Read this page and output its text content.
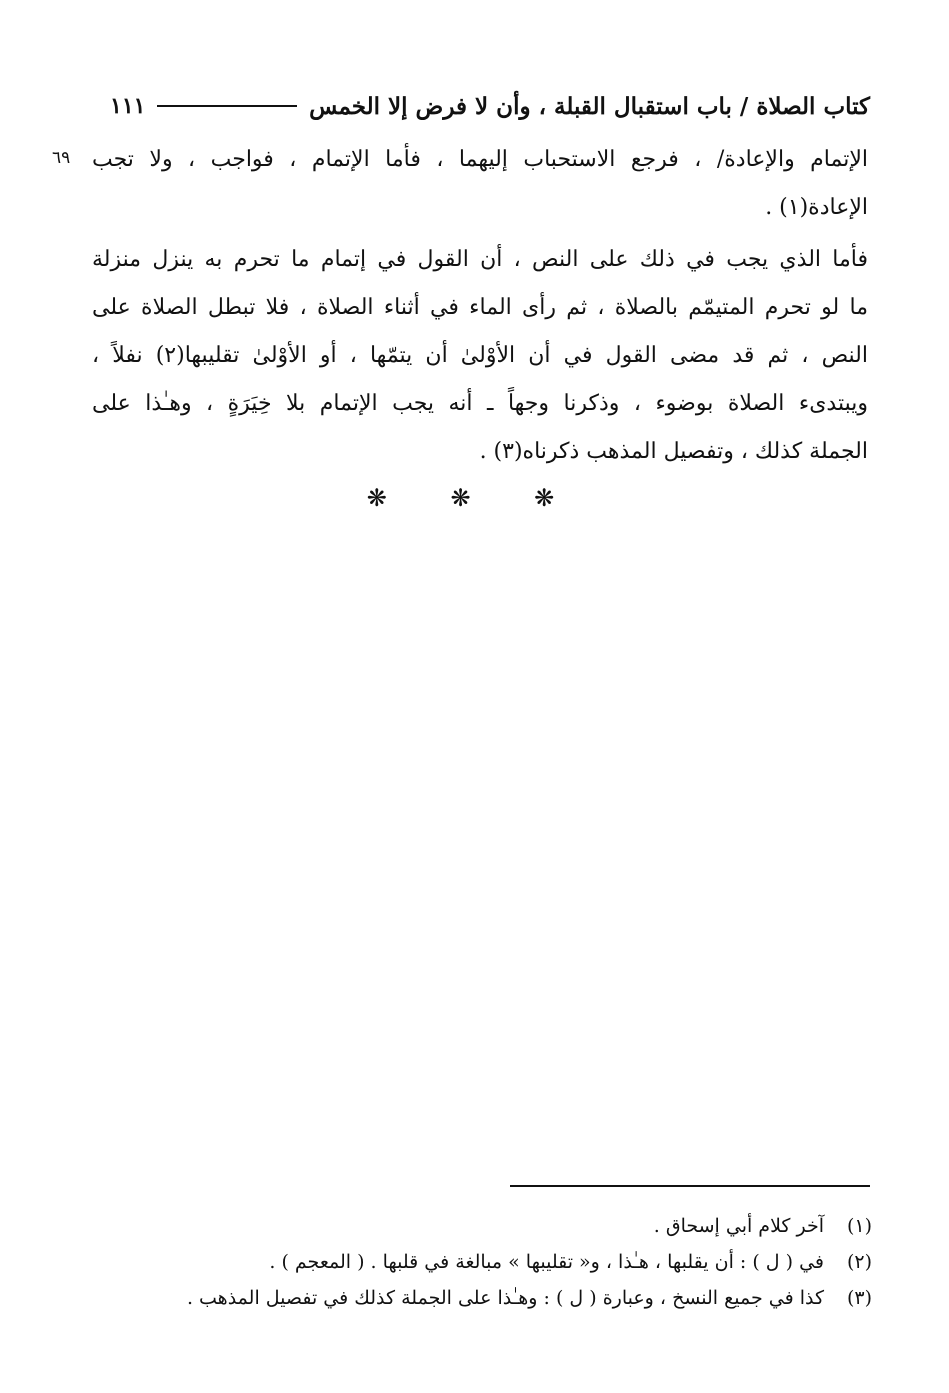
كتاب الصلاة / باب استقبال القبلة ، وأن لا فرض إلا الخمس
١١١
٦٩ الإتمام والإعادة/ ، فرجع الاستحباب إليهما ، فأما الإتمام ، فواجب ، ولا تجب
الإعادة(١) .
فأما الذي يجب في ذلك على النص ، أن القول في إتمام ما تحرم به ينزل منزلة
ما لو تحرم المتيمّم بالصلاة ، ثم رأى الماء في أثناء الصلاة ، فلا تبطل الصلاة على
النص ، ثم قد مضى القول في أن الأوْلىٰ أن يتمّها ، أو الأوْلىٰ تقليبها(٢) نفلاً ،
ويبتدىء الصلاة بوضوء ، وذكرنا وجهاً ـ أنه يجب الإتمام بلا خِيَرَةٍ ، وهـٰذا على
الجملة كذلك ، وتفصيل المذهب ذكرناه(٣) .
❋ ❋ ❋
(١)
آخر كلام أبي إسحاق .
(٢)
في ( ل ) : أن يقلبها ، هـٰذا ، و« تقليبها » مبالغة في قلبها . ( المعجم ) .
(٣)
كذا في جميع النسخ ، وعبارة ( ل ) : وهـٰذا على الجملة كذلك في تفصيل المذهب .
